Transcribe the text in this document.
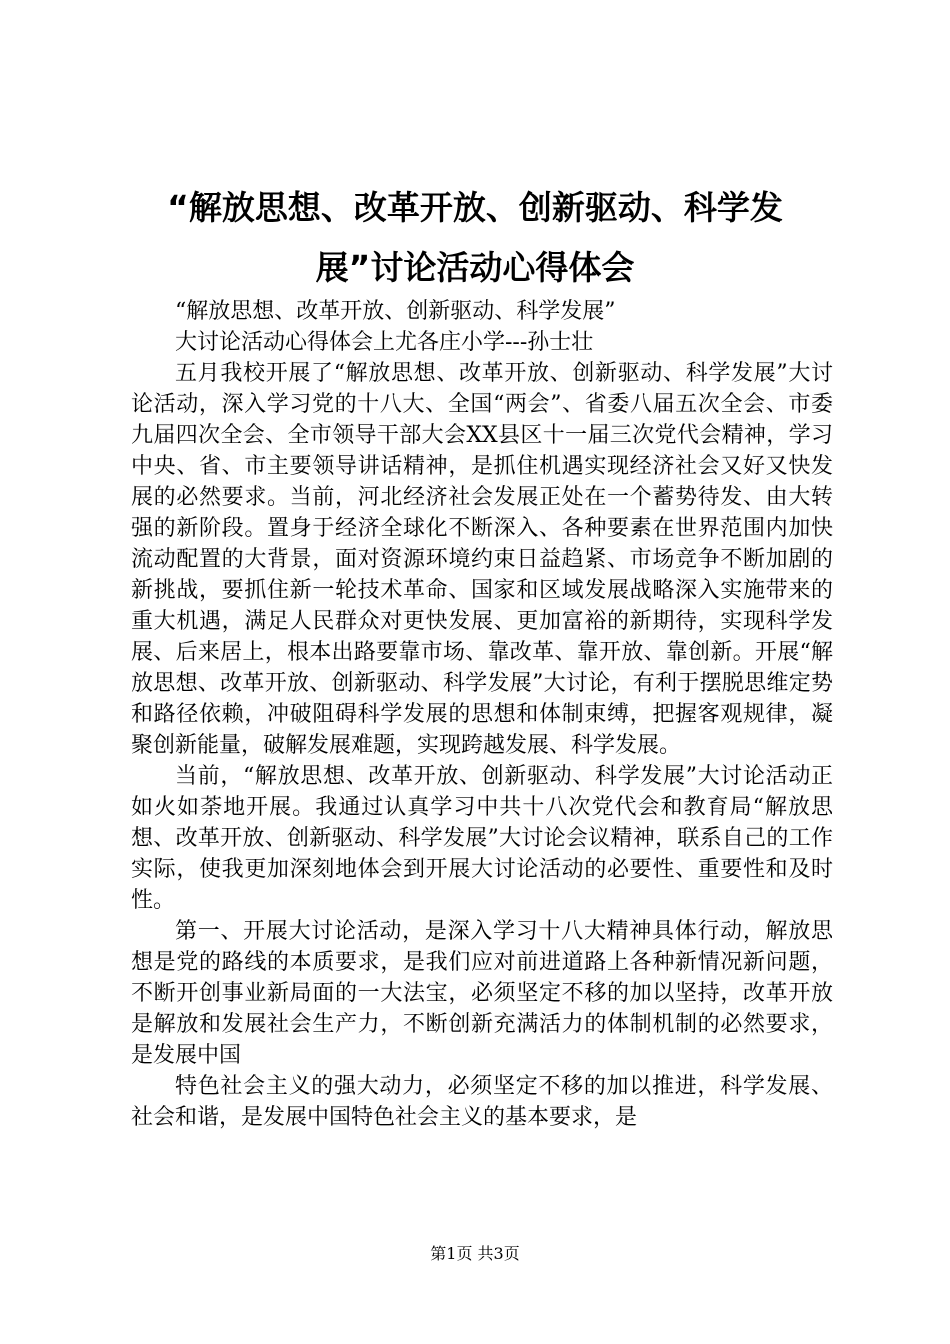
“解放思想、改革开放、创新驱动、科学发
展”讨论活动心得体会

“解放思想、改革开放、创新驱动、科学发展”

大讨论活动心得体会上尤各庄小学---孙士壮

五月我校开展了“解放思想、改革开放、创新驱动、科学发展”大讨论活动，深入学习党的十八大、全国“两会”、省委八届五次全会、市委九届四次全会、全市领导干部大会XX县区十一届三次党代会精神，学习中央、省、市主要领导讲话精神，是抓住机遇实现经济社会又好又快发展的必然要求。当前，河北经济社会发展正处在一个蓄势待发、由大转强的新阶段。置身于经济全球化不断深入、各种要素在世界范围内加快流动配置的大背景，面对资源环境约束日益趋紧、市场竞争不断加剧的新挑战，要抓住新一轮技术革命、国家和区域发展战略深入实施带来的重大机遇，满足人民群众对更快发展、更加富裕的新期待，实现科学发展、后来居上，根本出路要靠市场、靠改革、靠开放、靠创新。开展“解放思想、改革开放、创新驱动、科学发展”大讨论，有利于摆脱思维定势和路径依赖，冲破阻碍科学发展的思想和体制束缚，把握客观规律，凝聚创新能量，破解发展难题，实现跨越发展、科学发展。

当前，“解放思想、改革开放、创新驱动、科学发展”大讨论活动正如火如荼地开展。我通过认真学习中共十八次党代会和教育局“解放思想、改革开放、创新驱动、科学发展”大讨论会议精神，联系自己的工作实际，使我更加深刻地体会到开展大讨论活动的必要性、重要性和及时性。

第一、开展大讨论活动，是深入学习十八大精神具体行动，解放思想是党的路线的本质要求，是我们应对前进道路上各种新情况新问题，不断开创事业新局面的一大法宝，必须坚定不移的加以坚持，改革开放是解放和发展社会生产力，不断创新充满活力的体制机制的必然要求，是发展中国

特色社会主义的强大动力，必须坚定不移的加以推进，科学发展、社会和谐，是发展中国特色社会主义的基本要求，是

第1页 共3页
